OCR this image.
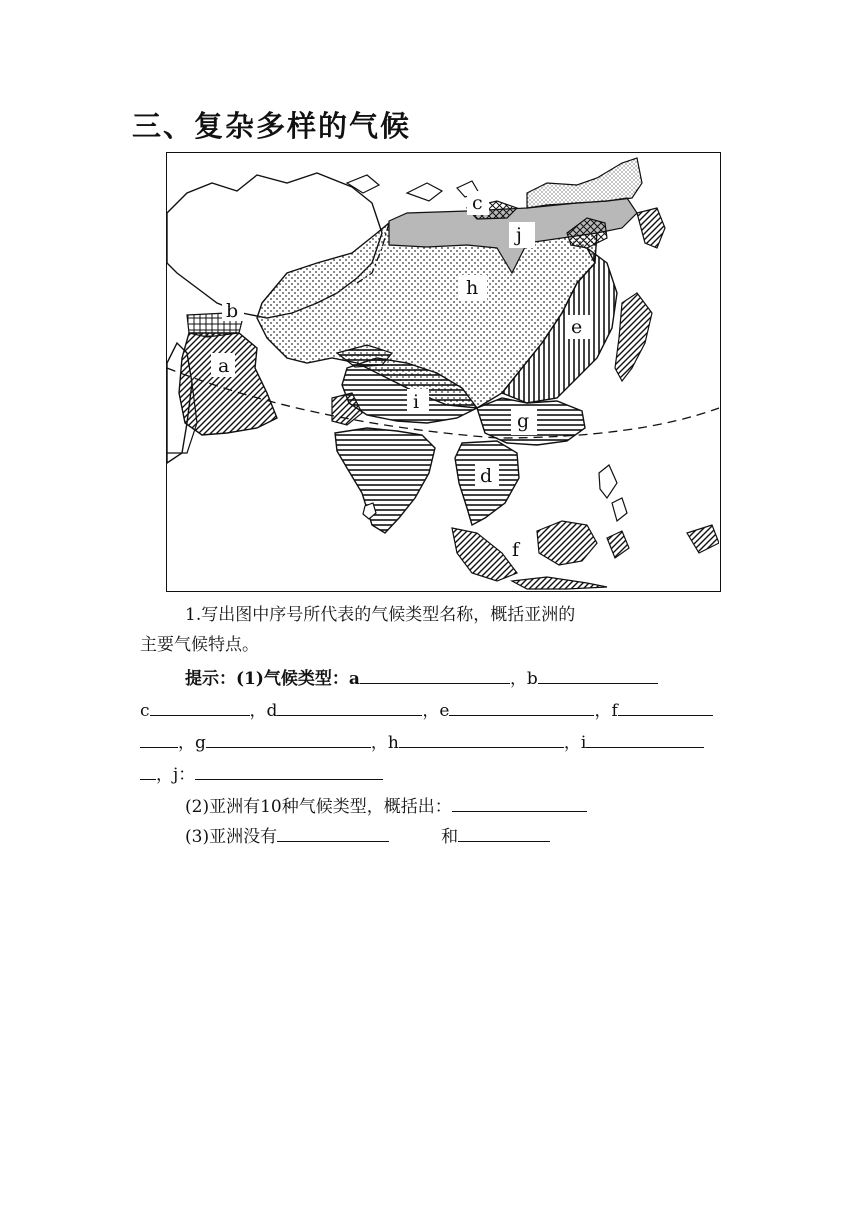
三、复杂多样的气候
a
b
c
d
e
f
g
h
i
j
1.写出图中序号所代表的气候类型名称，概括亚洲的
主要气候特点。
提示：(1)气候类型：a	，b
c	，d	，e	，f
，g	，h	，i
，j：
(2)亚洲有10种气候类型，概括出：
(3)亚洲没有	和
